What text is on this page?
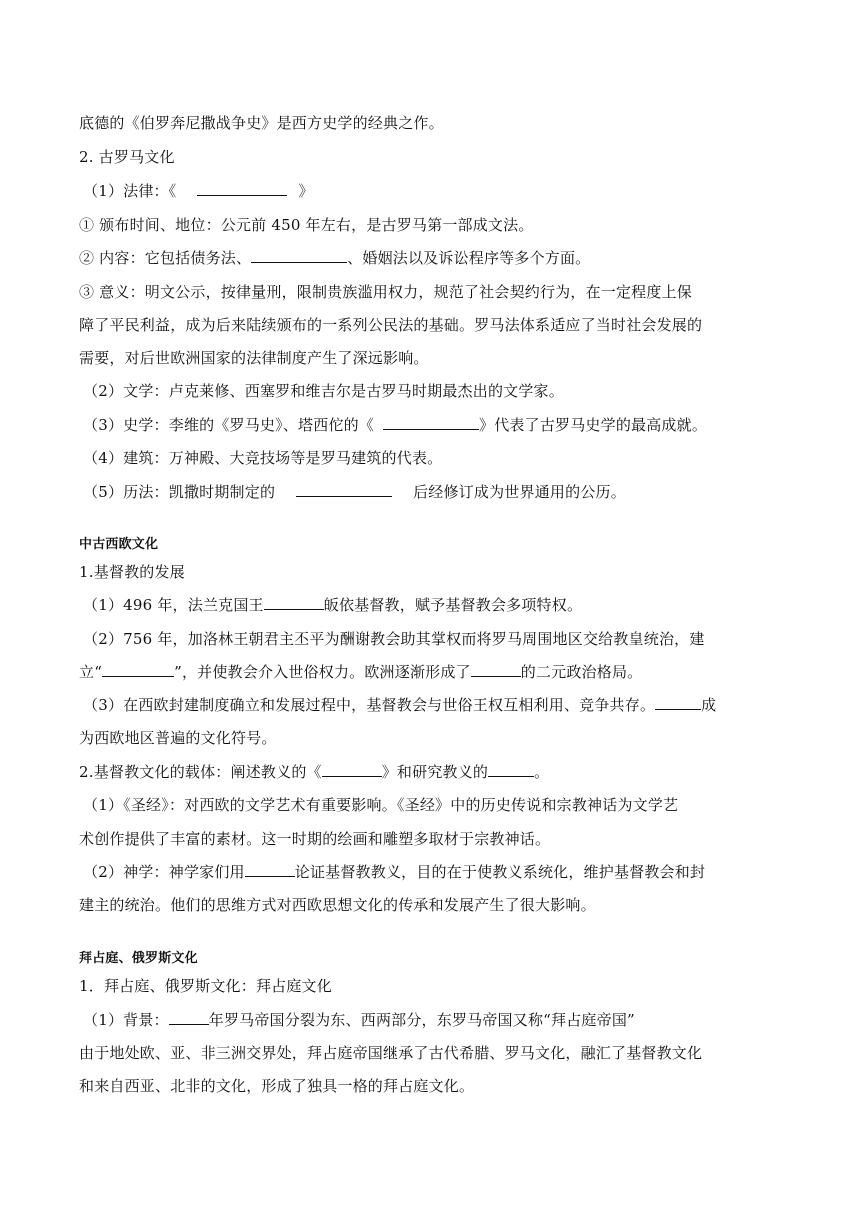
底德的《伯罗奔尼撒战争史》是西方史学的经典之作。
2. 古罗马文化
（1）法律：《	》
① 颁布时间、地位：公元前 450 年左右，是古罗马第一部成文法。
② 内容：它包括债务法、	、婚姻法以及诉讼程序等多个方面。
③ 意义：明文公示，按律量刑，限制贵族滥用权力，规范了社会契约行为，在一定程度上保
障了平民利益，成为后来陆续颁布的一系列公民法的基础。罗马法体系适应了当时社会发展的
需要，对后世欧洲国家的法律制度产生了深远影响。
（2）文学：卢克莱修、西塞罗和维吉尔是古罗马时期最杰出的文学家。
（3）史学：李维的《罗马史》、塔西佗的《	》代表了古罗马史学的最高成就。
（4）建筑：万神殿、大竞技场等是罗马建筑的代表。
（5）历法：凯撒时期制定的	后经修订成为世界通用的公历。
中古西欧文化
1.基督教的发展
（1）496 年，法兰克国王	皈依基督教，赋予基督教会多项特权。
（2）756 年，加洛林王朝君主丕平为酬谢教会助其掌权而将罗马周围地区交给教皇统治，建
立“	”，并使教会介入世俗权力。欧洲逐渐形成了	的二元政治格局。
（3）在西欧封建制度确立和发展过程中，基督教会与世俗王权互相利用、竞争共存。	成
为西欧地区普遍的文化符号。
2.基督教文化的载体：阐述教义的《	》和研究教义的	。
（1）《圣经》：对西欧的文学艺术有重要影响。《圣经》中的历史传说和宗教神话为文学艺
术创作提供了丰富的素材。这一时期的绘画和雕塑多取材于宗教神话。
（2）神学：神学家们用	论证基督教教义，目的在于使教义系统化，维护基督教会和封
建主的统治。他们的思维方式对西欧思想文化的传承和发展产生了很大影响。
拜占庭、俄罗斯文化
1．拜占庭、俄罗斯文化：拜占庭文化
（1）背景：	年罗马帝国分裂为东、西两部分，东罗马帝国又称“拜占庭帝国”
由于地处欧、亚、非三洲交界处，拜占庭帝国继承了古代希腊、罗马文化，融汇了基督教文化
和来自西亚、北非的文化，形成了独具一格的拜占庭文化。
